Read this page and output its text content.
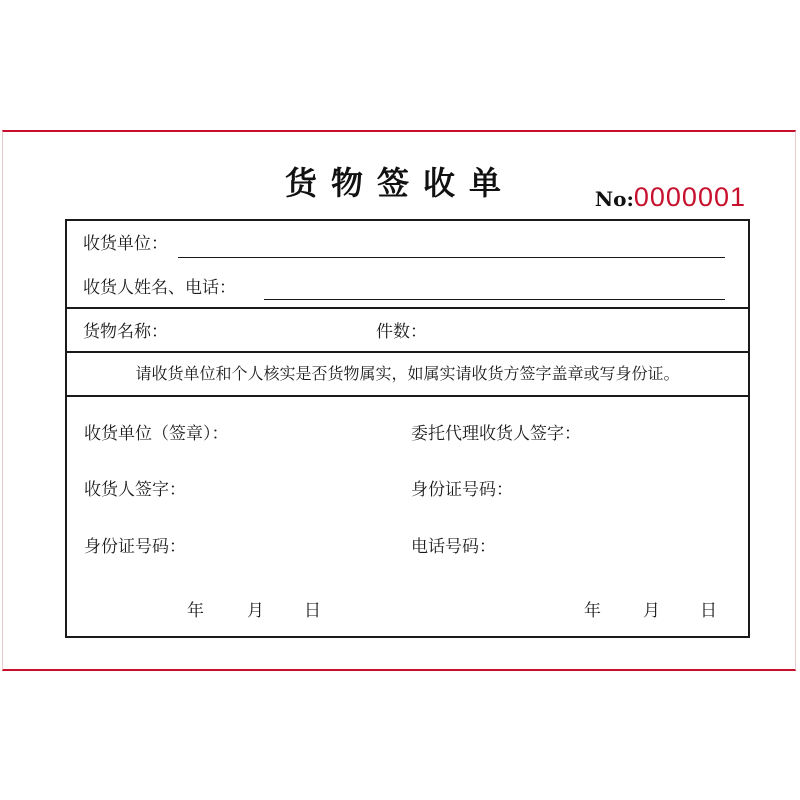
货物签收单	No:0000001
收货单位：
收货人姓名、电话：
货物名称：	件数：
请收货单位和个人核实是否货物属实，如属实请收货方签字盖章或写身份证。
收货单位（签章）：	委托代理收货人签字：
收货人签字：	身份证号码：
身份证号码：	电话号码：
年	月 日	年 月 日
